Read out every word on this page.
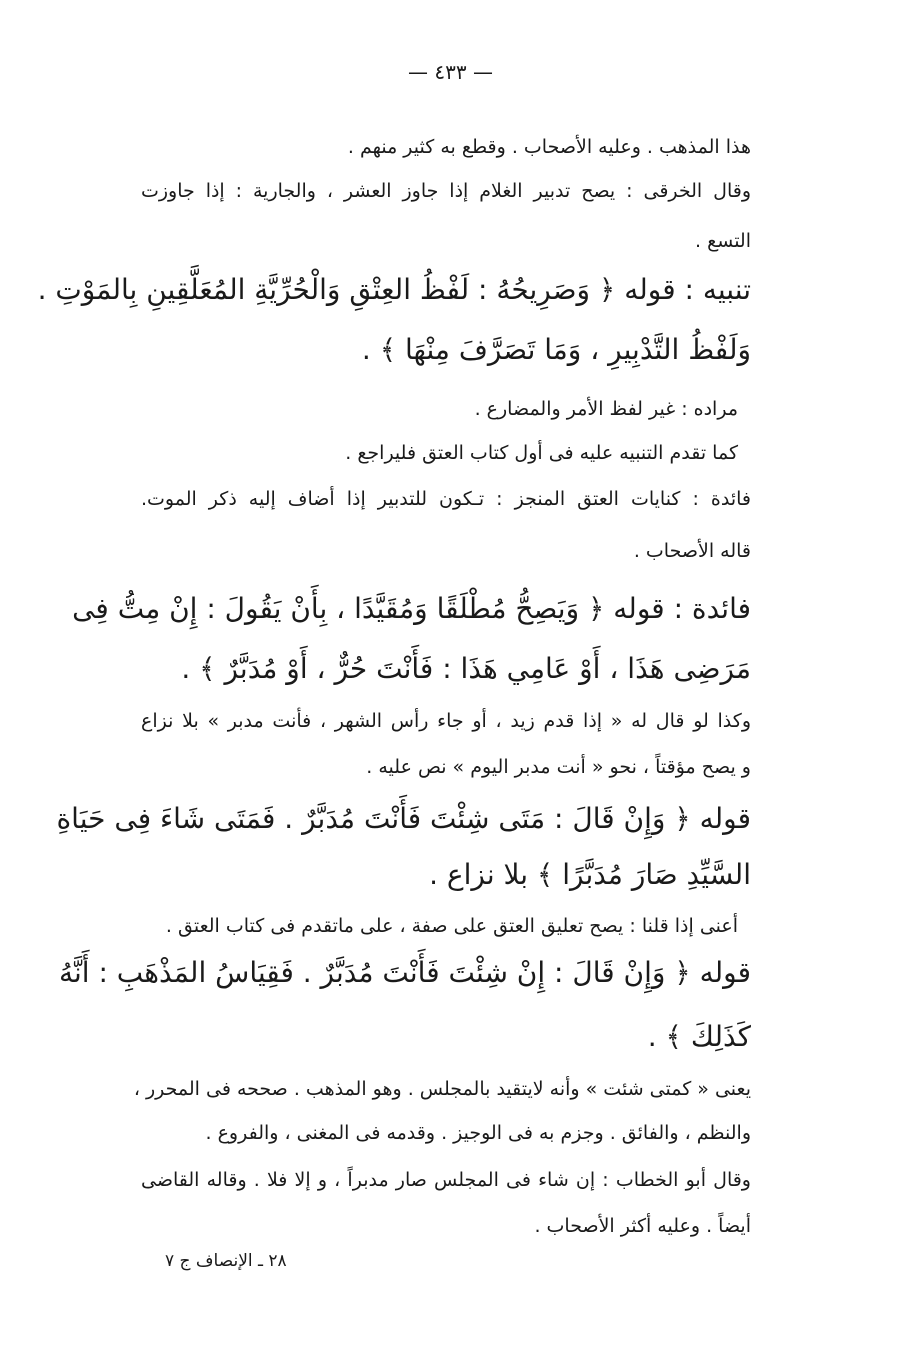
— ٤٣٣ —
هذا المذهب . وعليه الأصحاب . وقطع به كثير منهم .
وقال الخرقى : يصح تدبير الغلام إذا جاوز العشر ، والجارية : إذا جاوزت
التسع .
تنبيه : قوله ﴿ وَصَرِيحُهُ : لَفْظُ العِتْقِ وَالْحُرِّيَّةِ المُعَلَّقِينِ بِالمَوْتِ .
وَلَفْظُ التَّدْبِيرِ ، وَمَا تَصَرَّفَ مِنْهَا ﴾ .
مراده : غير لفظ الأمر والمضارع .
كما تقدم التنبيه عليه فى أول كتاب العتق فليراجع .
فائدة : كنايات العتق المنجز : تـكون للتدبير إذا أضاف إليه ذكر الموت.
قاله الأصحاب .
فائدة : قوله ﴿ وَيَصِحُّ مُطْلَقًا وَمُقَيَّدًا ، بِأَنْ يَقُولَ : إِنْ مِتُّ فِى
مَرَضِى هَذَا ، أَوْ عَامِي هَذَا : فَأَنْتَ حُرٌّ ، أَوْ مُدَبَّرٌ ﴾ .
وكذا لو قال له « إذا قدم زيد ، أو جاء رأس الشهر ، فأنت مدبر » بلا نزاع
و يصح مؤقتاً ، نحو « أنت مدبر اليوم » نص عليه .
قوله ﴿ وَإِنْ قَالَ : مَتَى شِئْتَ فَأَنْتَ مُدَبَّرٌ . فَمَتَى شَاءَ فِى حَيَاةِ
السَّيِّدِ صَارَ مُدَبَّرًا ﴾ بلا نزاع .
أعنى إذا قلنا : يصح تعليق العتق على صفة ، على ماتقدم فى كتاب العتق .
قوله ﴿ وَإِنْ قَالَ : إِنْ شِئْتَ فَأَنْتَ مُدَبَّرٌ . فَقِيَاسُ المَذْهَبِ : أَنَّهُ
كَذَلِكَ ﴾ .
يعنى « كمتى شئت » وأنه لايتقيد بالمجلس . وهو المذهب . صححه فى المحرر ،
والنظم ، والفائق . وجزم به فى الوجيز . وقدمه فى المغنى ، والفروع .
وقال أبو الخطاب : إن شاء فى المجلس صار مدبراً ، و إلا فلا . وقاله القاضى
أيضاً . وعليه أكثر الأصحاب .
٢٨ ـ الإنصاف ج ٧
